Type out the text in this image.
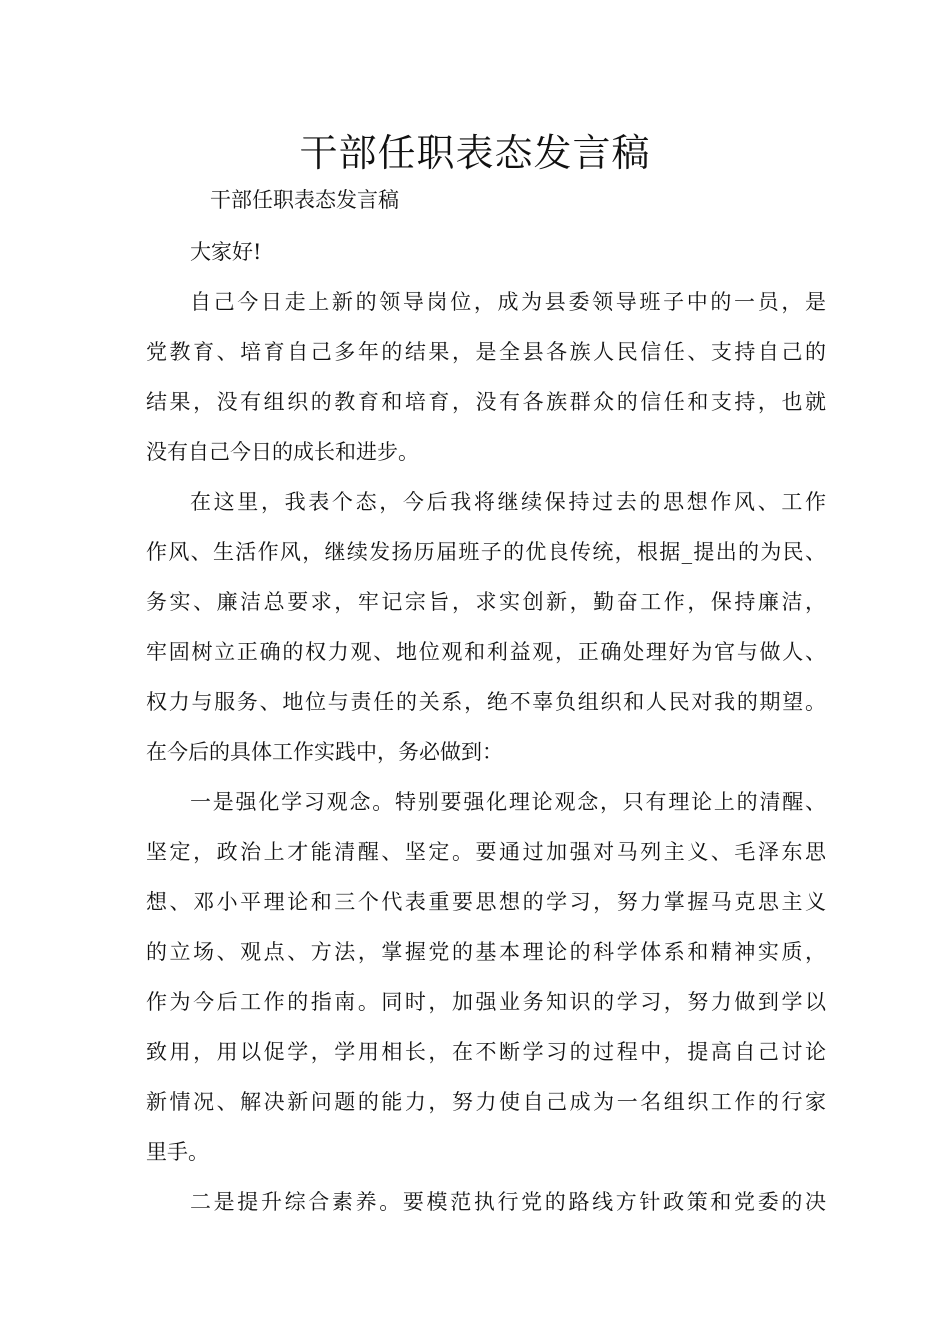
干部任职表态发言稿
干部任职表态发言稿
大家好!
自己今日走上新的领导岗位，成为县委领导班子中的一员，是
党教育、培育自己多年的结果，是全县各族人民信任、支持自己的
结果，没有组织的教育和培育，没有各族群众的信任和支持，也就
没有自己今日的成长和进步。
在这里，我表个态，今后我将继续保持过去的思想作风、工作
作风、生活作风，继续发扬历届班子的优良传统，根据_提出的为民、
务实、廉洁总要求，牢记宗旨，求实创新，勤奋工作，保持廉洁，
牢固树立正确的权力观、地位观和利益观，正确处理好为官与做人、
权力与服务、地位与责任的关系，绝不辜负组织和人民对我的期望。
在今后的具体工作实践中，务必做到：
一是强化学习观念。特别要强化理论观念，只有理论上的清醒、
坚定，政治上才能清醒、坚定。要通过加强对马列主义、毛泽东思
想、邓小平理论和三个代表重要思想的学习，努力掌握马克思主义
的立场、观点、方法，掌握党的基本理论的科学体系和精神实质，
作为今后工作的指南。同时，加强业务知识的学习，努力做到学以
致用，用以促学，学用相长，在不断学习的过程中，提高自己讨论
新情况、解决新问题的能力，努力使自己成为一名组织工作的行家
里手。
二是提升综合素养。要模范执行党的路线方针政策和党委的决
